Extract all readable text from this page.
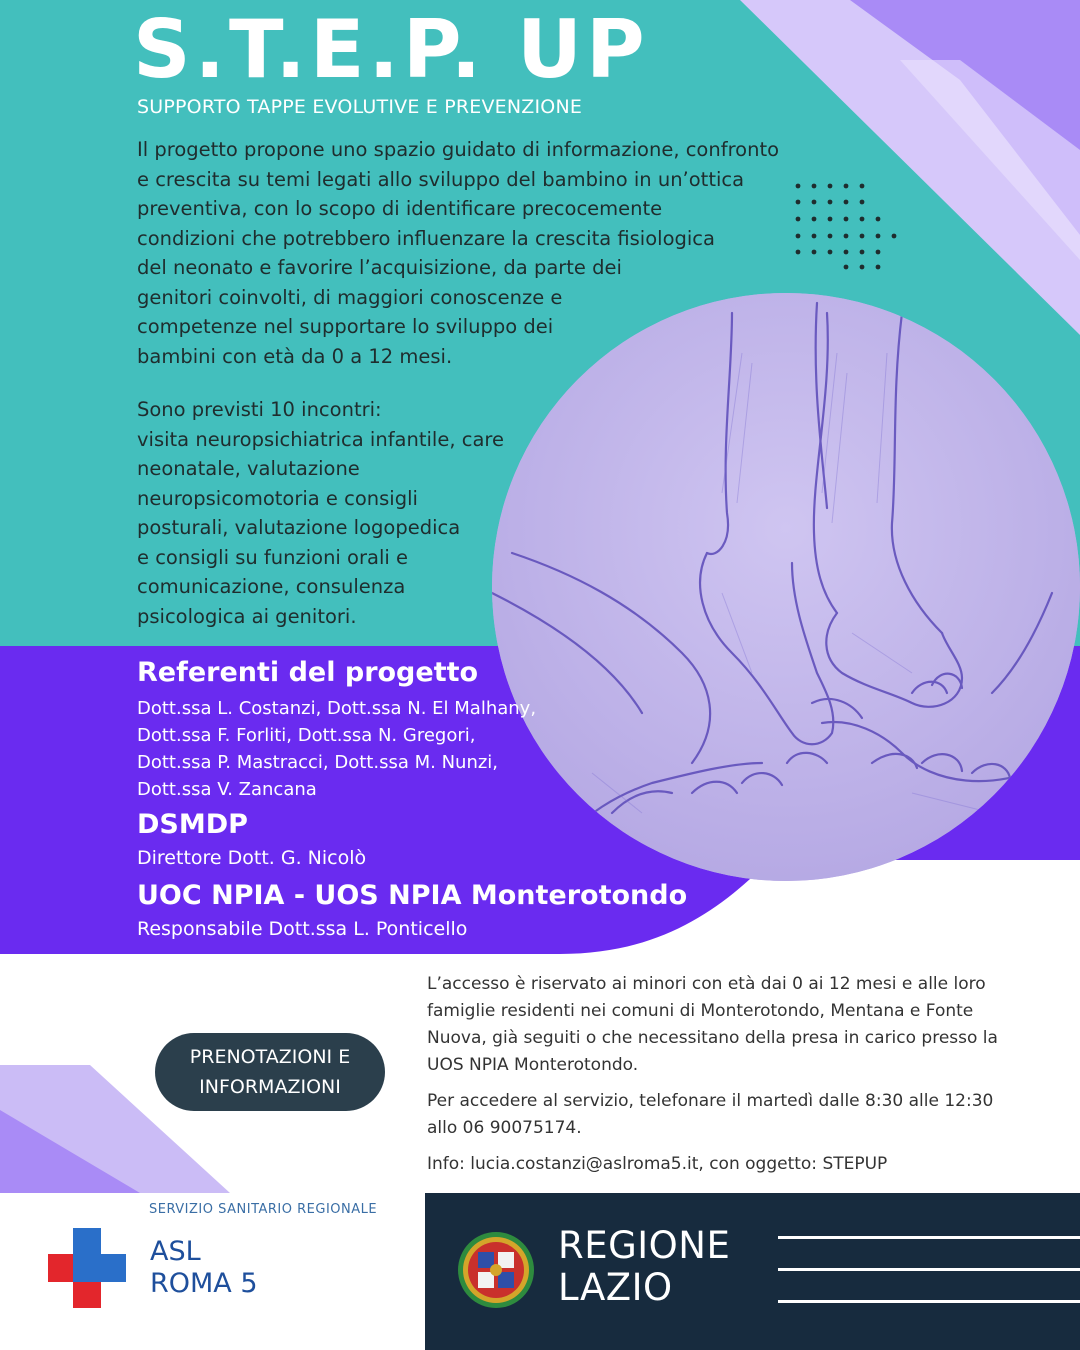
S.T.E.P. UP

SUPPORTO TAPPE EVOLUTIVE E PREVENZIONE

Il progetto propone uno spazio guidato di informazione, confronto
e crescita su temi legati allo sviluppo del bambino in un’ottica
preventiva, con lo scopo di identificare precocemente
condizioni che potrebbero influenzare la crescita fisiologica
del neonato e favorire l’acquisizione, da parte dei
genitori coinvolti, di maggiori conoscenze e
competenze nel supportare lo sviluppo dei
bambini con età da 0 a 12 mesi.

Sono previsti 10 incontri:
visita neuropsichiatrica infantile, care
neonatale, valutazione
neuropsicomotoria e consigli
posturali, valutazione logopedica
e consigli su funzioni orali e
comunicazione, consulenza
psicologica ai genitori.

Referenti del progetto

Dott.ssa L. Costanzi, Dott.ssa N. El Malhany,
Dott.ssa F. Forliti, Dott.ssa N. Gregori,
Dott.ssa P. Mastracci, Dott.ssa M. Nunzi,
Dott.ssa V. Zancana

DSMDP

Direttore Dott. G. Nicolò

UOC NPIA - UOS NPIA Monterotondo

Responsabile Dott.ssa L. Ponticello

PRENOTAZIONI E
INFORMAZIONI

L’accesso è riservato ai minori con età dai 0 ai 12 mesi e alle loro famiglie residenti nei comuni di Monterotondo, Mentana e Fonte Nuova, già seguiti o che necessitano della presa in carico presso la UOS NPIA Monterotondo.

Per accedere al servizio, telefonare il martedì dalle 8:30 alle 12:30 allo 06 90075174.

Info: lucia.costanzi@aslroma5.it, con oggetto: STEPUP

SERVIZIO SANITARIO REGIONALE

ASL

ROMA 5

REGIONE

LAZIO
